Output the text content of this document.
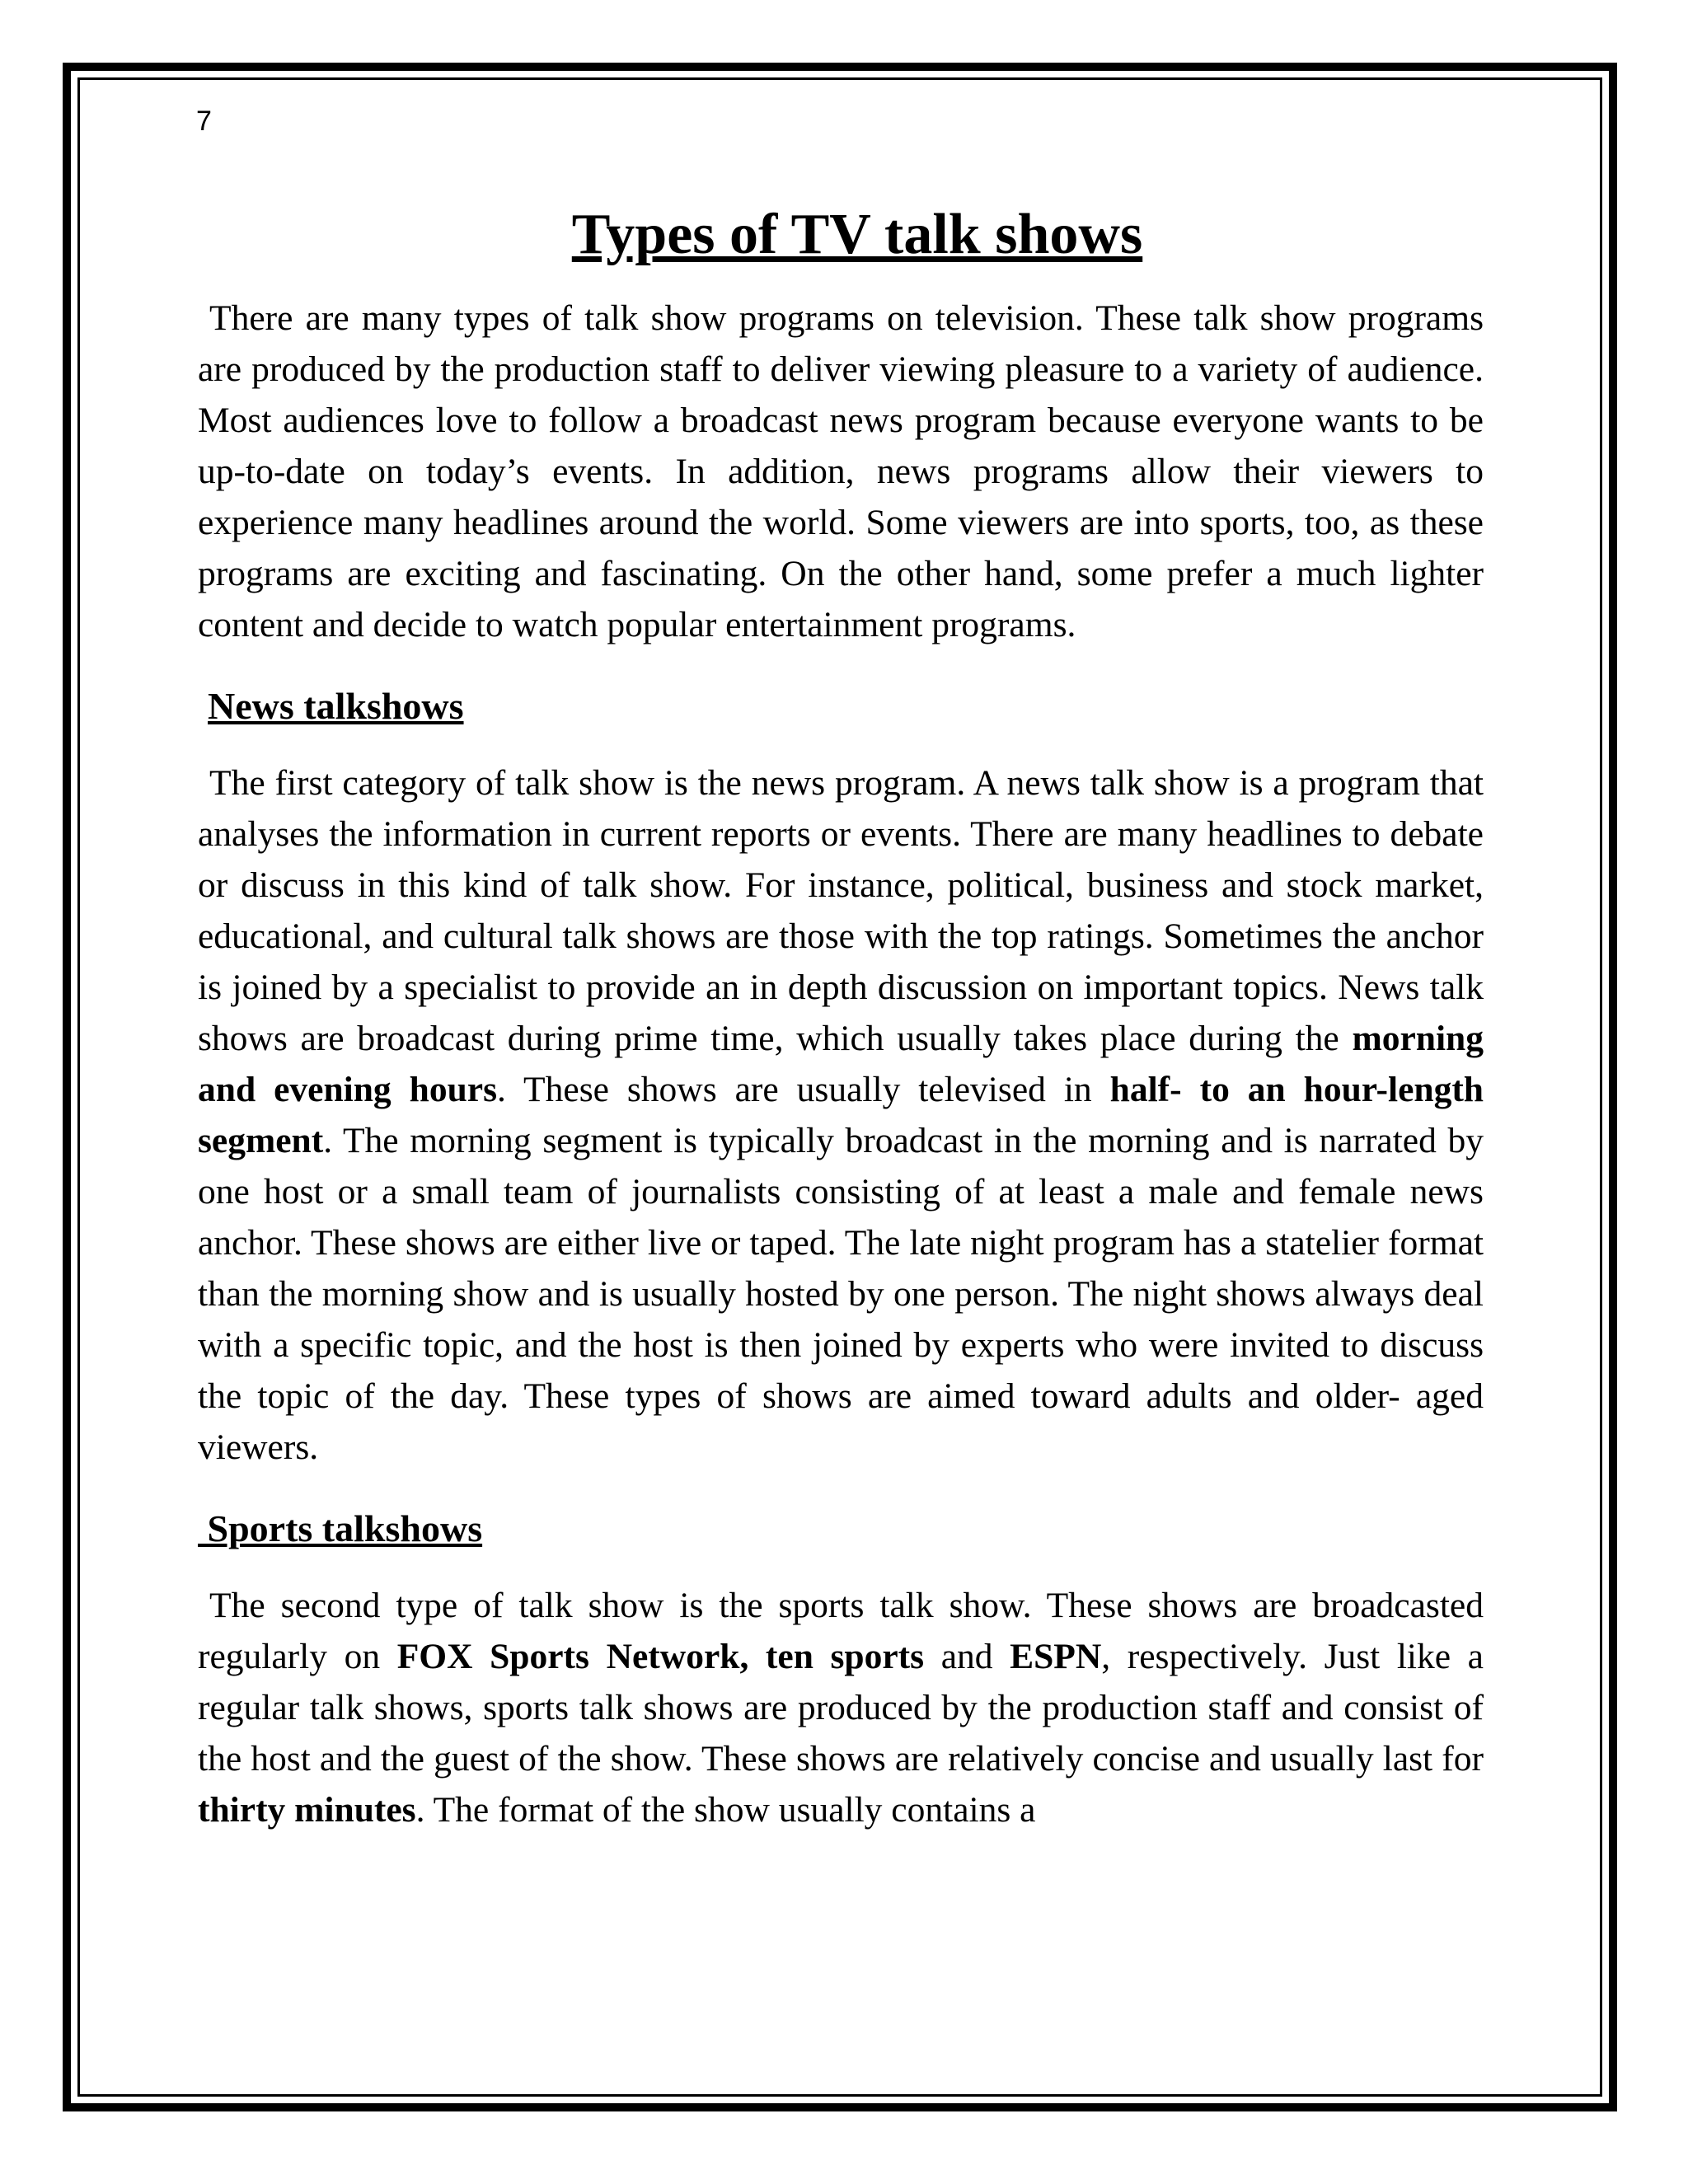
7
Types of TV talk shows

There are many types of talk show programs on television. These talk show programs are produced by the production staff to deliver viewing pleasure to a variety of audience. Most audiences love to follow a broadcast news program because everyone wants to be up-to-date on today’s events. In addition, news programs allow their viewers to experience many headlines around the world. Some viewers are into sports, too, as these programs are exciting and fascinating. On the other hand, some prefer a much lighter content and decide to watch popular entertainment programs.

News talkshows

The first category of talk show is the news program. A news talk show is a program that analyses the information in current reports or events. There are many headlines to debate or discuss in this kind of talk show. For instance, political, business and stock market, educational, and cultural talk shows are those with the top ratings. Sometimes the anchor is joined by a specialist to provide an in depth discussion on important topics. News talk shows are broadcast during prime time, which usually takes place during the morning and evening hours. These shows are usually televised in half- to an hour-length segment. The morning segment is typically broadcast in the morning and is narrated by one host or a small team of journalists consisting of at least a male and female news anchor. These shows are either live or taped. The late night program has a statelier format than the morning show and is usually hosted by one person. The night shows always deal with a specific topic, and the host is then joined by experts who were invited to discuss the topic of the day. These types of shows are aimed toward adults and older- aged viewers.

Sports talkshows

The second type of talk show is the sports talk show. These shows are broadcasted regularly on FOX Sports Network, ten sports and ESPN, respectively. Just like a regular talk shows, sports talk shows are produced by the production staff and consist of the host and the guest of the show. These shows are relatively concise and usually last for thirty minutes. The format of the show usually contains a
